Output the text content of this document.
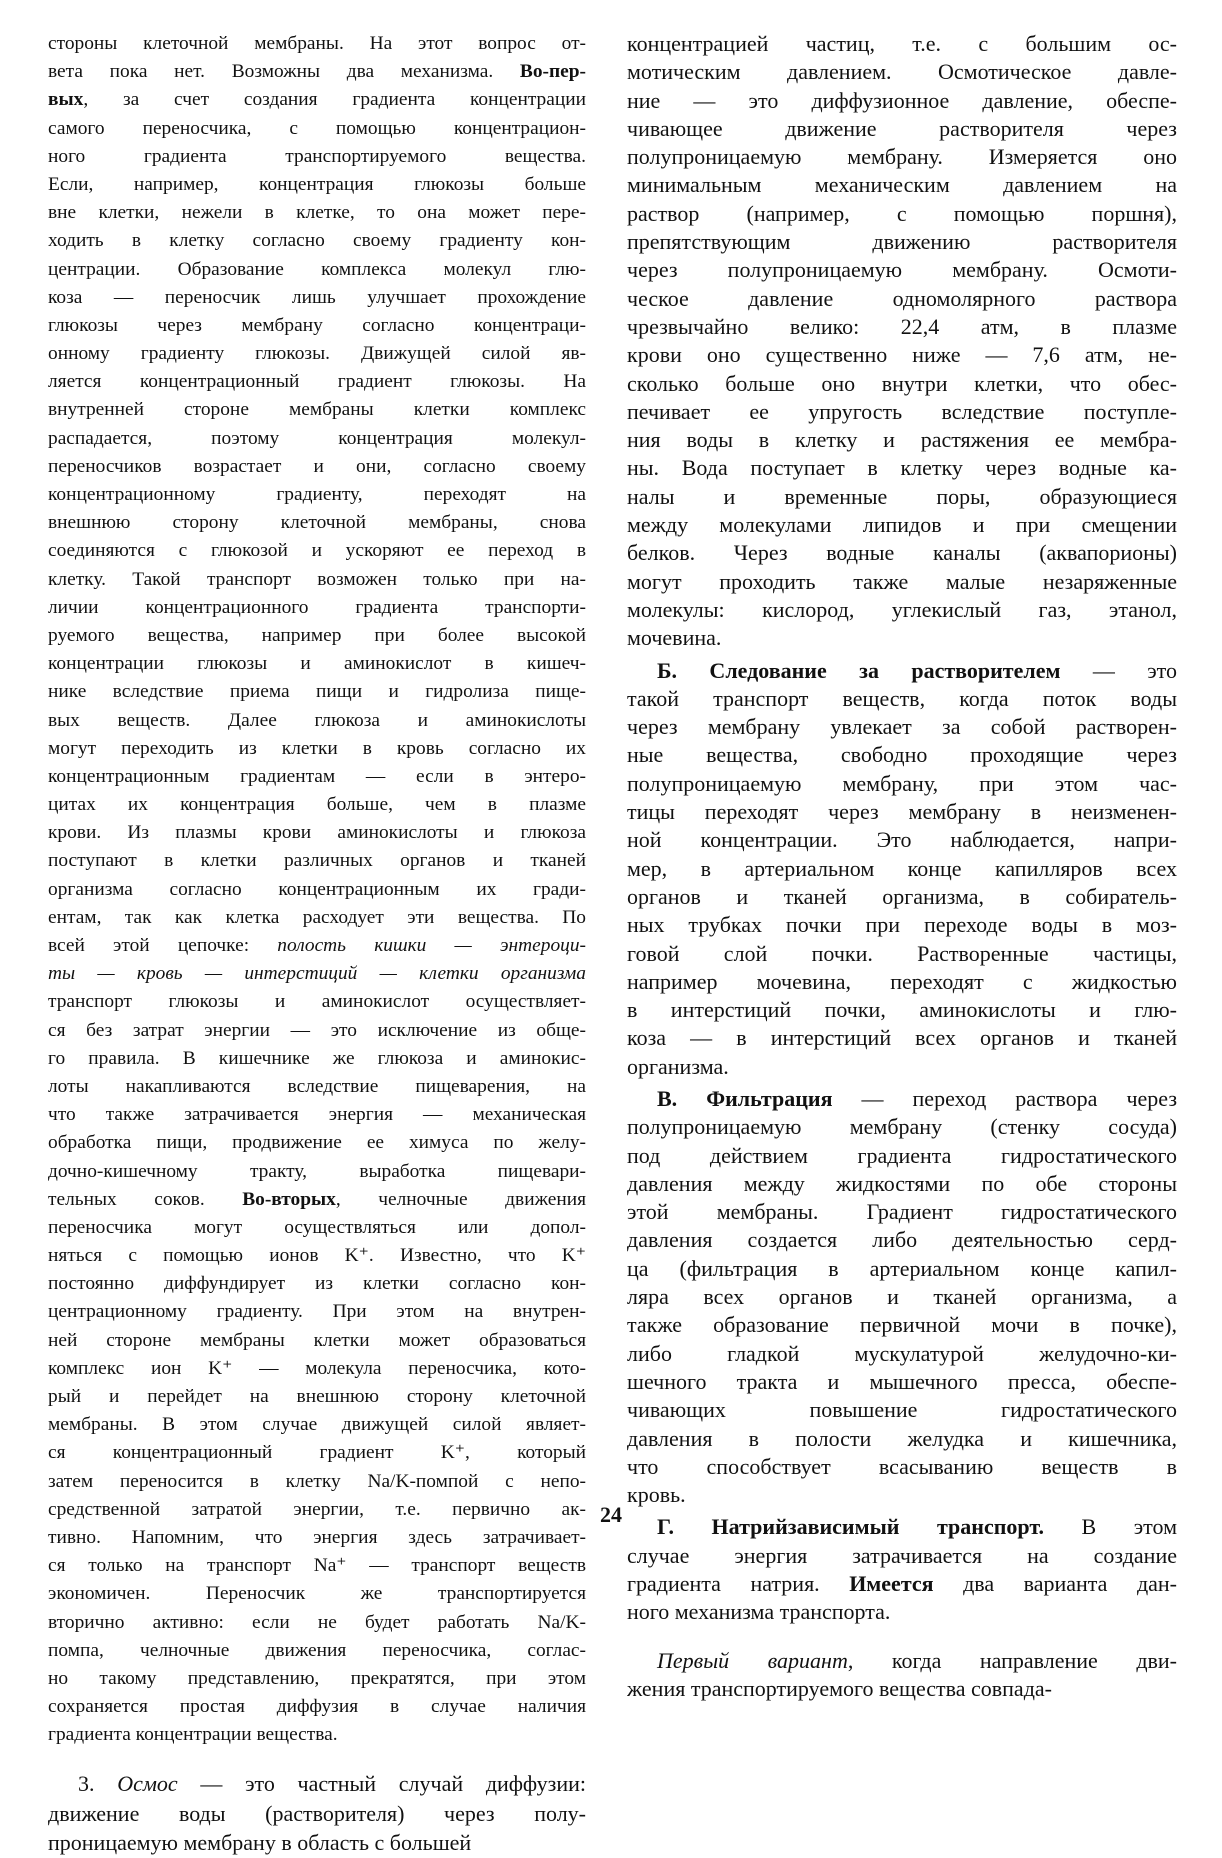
стороны клеточной мембраны. На этот вопрос от-
вета пока нет. Возможны два механизма. Во-пер-
вых, за счет создания градиента концентрации
самого переносчика, с помощью концентрацион-
ного градиента транспортируемого вещества.
Если, например, концентрация глюкозы больше
вне клетки, нежели в клетке, то она может пере-
ходить в клетку согласно своему градиенту кон-
центрации. Образование комплекса молекул глю-
коза — переносчик лишь улучшает прохождение
глюкозы через мембрану согласно концентраци-
онному градиенту глюкозы. Движущей силой яв-
ляется концентрационный градиент глюкозы. На
внутренней стороне мембраны клетки комплекс
распадается, поэтому концентрация молекул-
переносчиков возрастает и они, согласно своему
концентрационному градиенту, переходят на
внешнюю сторону клеточной мембраны, снова
соединяются с глюкозой и ускоряют ее переход в
клетку. Такой транспорт возможен только при на-
личии концентрационного градиента транспорти-
руемого вещества, например при более высокой
концентрации глюкозы и аминокислот в кишеч-
нике вследствие приема пищи и гидролиза пище-
вых веществ. Далее глюкоза и аминокислоты
могут переходить из клетки в кровь согласно их
концентрационным градиентам — если в энтеро-
цитах их концентрация больше, чем в плазме
крови. Из плазмы крови аминокислоты и глюкоза
поступают в клетки различных органов и тканей
организма согласно концентрационным их гради-
ентам, так как клетка расходует эти вещества. По
всей этой цепочке: полость кишки — энтероци-
ты — кровь — интерстиций — клетки организма
транспорт глюкозы и аминокислот осуществляет-
ся без затрат энергии — это исключение из обще-
го правила. В кишечнике же глюкоза и аминокис-
лоты накапливаются вследствие пищеварения, на
что также затрачивается энергия — механическая
обработка пищи, продвижение ее химуса по желу-
дочно-кишечному тракту, выработка пищевари-
тельных соков. Во-вторых, челночные движения
переносчика могут осуществляться или допол-
няться с помощью ионов K⁺. Известно, что K⁺
постоянно диффундирует из клетки согласно кон-
центрационному градиенту. При этом на внутрен-
ней стороне мембраны клетки может образоваться
комплекс ион K⁺ — молекула переносчика, кото-
рый и перейдет на внешнюю сторону клеточной
мембраны. В этом случае движущей силой являет-
ся концентрационный градиент K⁺, который
затем переносится в клетку Na/K-помпой с непо-
средственной затратой энергии, т.е. первично ак-
тивно. Напомним, что энергия здесь затрачивает-
ся только на транспорт Na⁺ — транспорт веществ
экономичен. Переносчик же транспортируется
вторично активно: если не будет работать Na/K-
помпа, челночные движения переносчика, соглас‑
но такому представлению, прекратятся, при этом
сохраняется простая диффузия в случае наличия
градиента концентрации вещества.
3. Осмос — это частный случай диффузии:
движение воды (растворителя) через полу-
проницаемую мембрану в область с большей
концентрацией частиц, т.е. с большим ос-
мотическим давлением. Осмотическое давле-
ние — это диффузионное давление, обеспе-
чивающее движение растворителя через
полупроницаемую мембрану. Измеряется оно
минимальным механическим давлением на
раствор (например, с помощью поршня),
препятствующим движению растворителя
через полупроницаемую мембрану. Осмоти-
ческое давление одномолярного раствора
чрезвычайно велико: 22,4 атм, в плазме
крови оно существенно ниже — 7,6 атм, не-
сколько больше оно внутри клетки, что обес-
печивает ее упругость вследствие поступле-
ния воды в клетку и растяжения ее мембра-
ны. Вода поступает в клетку через водные ка-
налы и временные поры, образующиеся
между молекулами липидов и при смещении
белков. Через водные каналы (аквапорионы)
могут проходить также малые незаряженные
молекулы: кислород, углекислый газ, этанол,
мочевина.
Б. Следование за растворителем — это
такой транспорт веществ, когда поток воды
через мембрану увлекает за собой растворен-
ные вещества, свободно проходящие через
полупроницаемую мембрану, при этом час-
тицы переходят через мембрану в неизменен-
ной концентрации. Это наблюдается, напри-
мер, в артериальном конце капилляров всех
органов и тканей организма, в собиратель-
ных трубках почки при переходе воды в моз-
говой слой почки. Растворенные частицы,
например мочевина, переходят с жидкостью
в интерстиций почки, аминокислоты и глю-
коза — в интерстиций всех органов и тканей
организма.
В. Фильтрация — переход раствора через
полупроницаемую мембрану (стенку сосуда)
под действием градиента гидростатического
давления между жидкостями по обе стороны
этой мембраны. Градиент гидростатического
давления создается либо деятельностью серд-
ца (фильтрация в артериальном конце капил-
ляра всех органов и тканей организма, а
также образование первичной мочи в почке),
либо гладкой мускулатурой желудочно-ки-
шечного тракта и мышечного пресса, обеспе-
чивающих повышение гидростатического
давления в полости желудка и кишечника,
что способствует всасыванию веществ в
кровь.
Г. Натрийзависимый транспорт. В этом
случае энергия затрачивается на создание
градиента натрия. Имеется два варианта дан-
ного механизма транспорта.
Первый вариант, когда направление дви-
жения транспортируемого вещества совпада-
24
